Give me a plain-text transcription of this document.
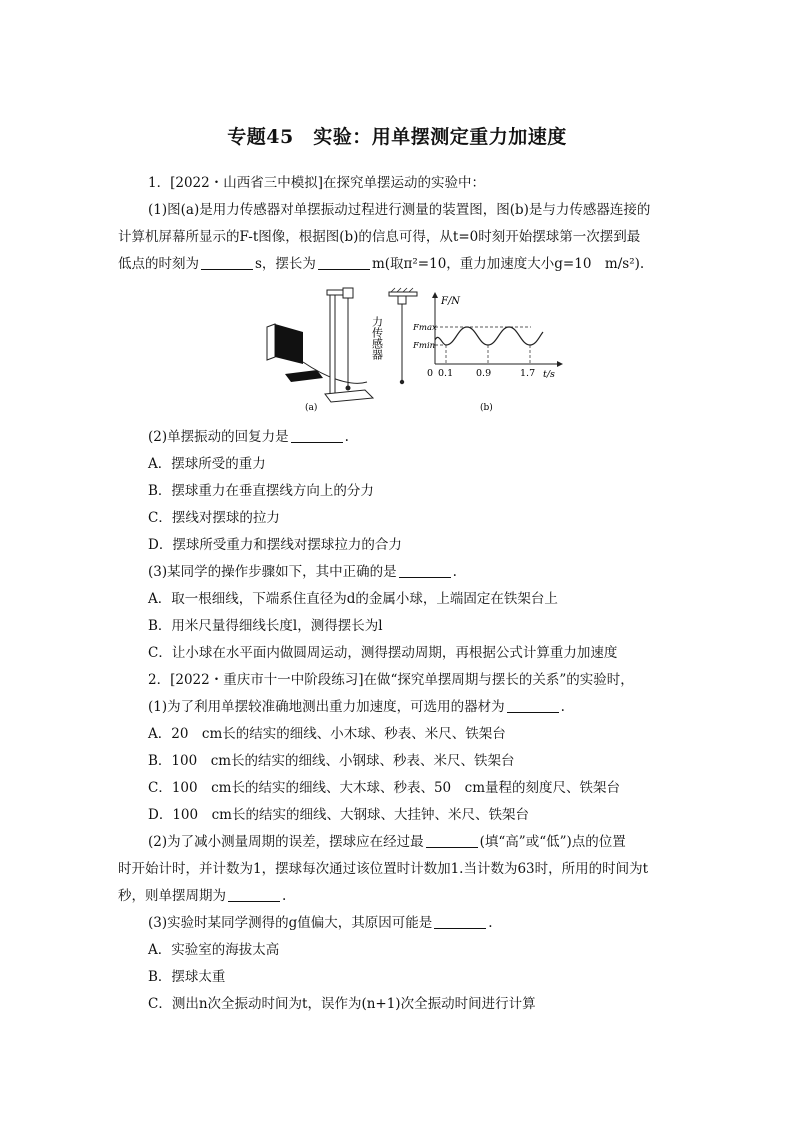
专题45　实验：用单摆测定重力加速度
1．[2022・山西省三中模拟]在探究单摆运动的实验中：
(1)图(a)是用力传感器对单摆振动过程进行测量的装置图，图(b)是与力传感器连接的
计算机屏幕所显示的F-t图像，根据图(b)的信息可得，从t=0时刻开始摆球第一次摆到最
低点的时刻为	s，摆长为	m(取π²=10，重力加速度大小g=10　m/s²).
(a)
力传感器
F/N
Fmax
Fmin
0 0.1 0.9	1.7 t/s
(b)
(2)单摆振动的回复力是	.
A．摆球所受的重力
B．摆球重力在垂直摆线方向上的分力
C．摆线对摆球的拉力
D．摆球所受重力和摆线对摆球拉力的合力
(3)某同学的操作步骤如下，其中正确的是	.
A．取一根细线，下端系住直径为d的金属小球，上端固定在铁架台上
B．用米尺量得细线长度l，测得摆长为l
C．让小球在水平面内做圆周运动，测得摆动周期，再根据公式计算重力加速度
2．[2022・重庆市十一中阶段练习]在做“探究单摆周期与摆长的关系”的实验时，
(1)为了利用单摆较准确地测出重力加速度，可选用的器材为	.
A．20　cm长的结实的细线、小木球、秒表、米尺、铁架台
B．100　cm长的结实的细线、小钢球、秒表、米尺、铁架台
C．100　cm长的结实的细线、大木球、秒表、50　cm量程的刻度尺、铁架台
D．100　cm长的结实的细线、大钢球、大挂钟、米尺、铁架台
(2)为了减小测量周期的误差，摆球应在经过最	(填“高”或“低”)点的位置
时开始计时，并计数为1，摆球每次通过该位置时计数加1.当计数为63时，所用的时间为t
秒，则单摆周期为	.
(3)实验时某同学测得的g值偏大，其原因可能是	.
A．实验室的海拔太高
B．摆球太重
C．测出n次全振动时间为t，误作为(n+1)次全振动时间进行计算
